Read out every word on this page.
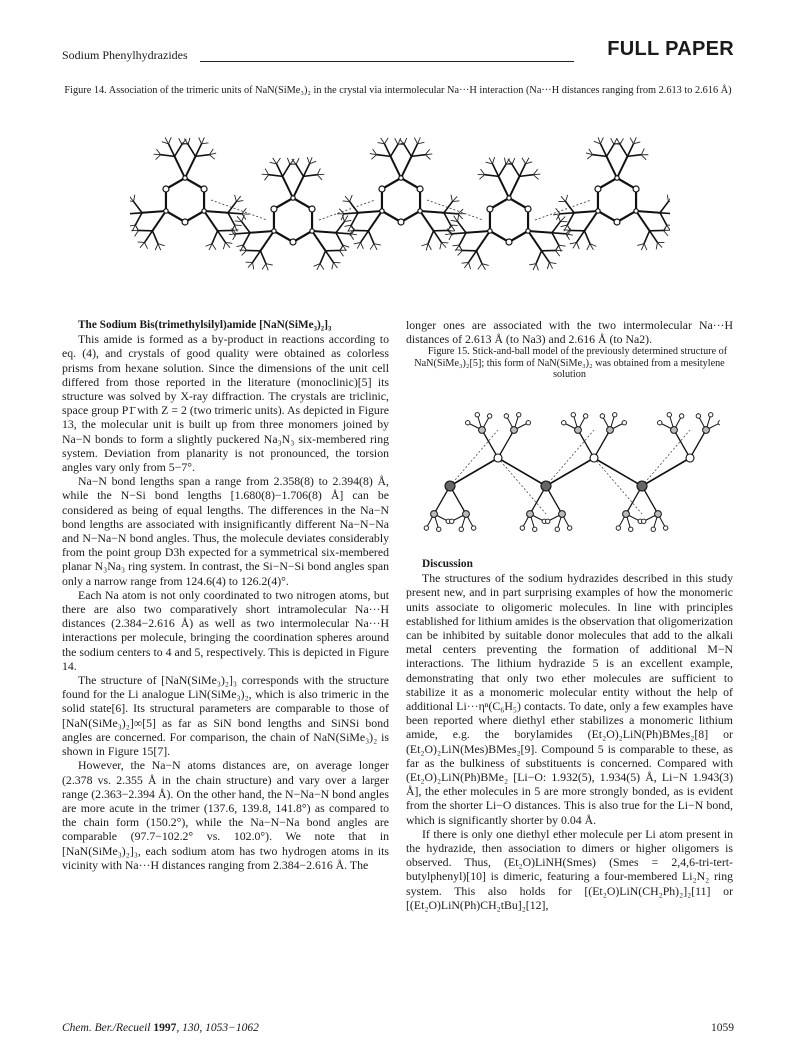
Sodium Phenylhydrazides	FULL PAPER
Figure 14. Association of the trimeric units of NaN(SiMe₃)₂ in the crystal via intermolecular Na···H interaction (Na···H distances ranging from 2.613 to 2.616 Å)

The Sodium Bis(trimethylsilyl)amide [NaN(SiMe₃)₂]₃

This amide is formed as a by-product in reactions according to eq. (4), and crystals of good quality were obtained as colorless prisms from hexane solution. Since the dimensions of the unit cell differed from those reported in the literature (monoclinic)[5] its structure was solved by X-ray diffraction. The crystals are triclinic, space group P1̄ with Z = 2 (two trimeric units). As depicted in Figure 13, the molecular unit is built up from three monomers joined by Na−N bonds to form a slightly puckered Na₃N₃ six-membered ring system. Deviation from planarity is not pronounced, the torsion angles vary only from 5−7°.

Na−N bond lengths span a range from 2.358(8) to 2.394(8) Å, while the N−Si bond lengths [1.680(8)−1.706(8) Å] can be considered as being of equal lengths. The differences in the Na−N bond lengths are associated with insignificantly different Na−N−Na and N−Na−N bond angles. Thus, the molecule deviates considerably from the point group D3h expected for a symmetrical six-membered planar N₃Na₃ ring system. In contrast, the Si−N−Si bond angles span only a narrow range from 124.6(4) to 126.2(4)°.

Each Na atom is not only coordinated to two nitrogen atoms, but there are also two comparatively short intramolecular Na···H distances (2.384−2.616 Å) as well as two intermolecular Na···H interactions per molecule, bringing the coordination spheres around the sodium centers to 4 and 5, respectively. This is depicted in Figure 14.

The structure of [NaN(SiMe₃)₂]₃ corresponds with the structure found for the Li analogue LiN(SiMe₃)₂, which is also trimeric in the solid state[6]. Its structural parameters are comparable to those of [NaN(SiMe₃)₂]∞[5] as far as SiN bond lengths and SiNSi bond angles are concerned. For comparison, the chain of NaN(SiMe₃)₂ is shown in Figure 15[7].

However, the Na−N atoms distances are, on average longer (2.378 vs. 2.355 Å in the chain structure) and vary over a larger range (2.363−2.394 Å). On the other hand, the N−Na−N bond angles are more acute in the trimer (137.6, 139.8, 141.8°) as compared to the chain form (150.2°), while the Na−N−Na bond angles are comparable (97.7−102.2° vs. 102.0°). We note that in [NaN(SiMe₃)₂]₃, each sodium atom has two hydrogen atoms in its vicinity with Na···H distances ranging from 2.384−2.616 Å. The

longer ones are associated with the two intermolecular Na···H distances of 2.613 Å (to Na3) and 2.616 Å (to Na2).

Figure 15. Stick-and-ball model of the previously determined structure of NaN(SiMe₃)₂[5]; this form of NaN(SiMe₃)₂ was obtained from a mesitylene solution

Discussion

The structures of the sodium hydrazides described in this study present new, and in part surprising examples of how the monomeric units associate to oligomeric molecules. In line with principles established for lithium amides is the observation that oligomerization can be inhibited by suitable donor molecules that add to the alkali metal centers preventing the formation of additional M−N interactions. The lithium hydrazide 5 is an excellent example, demonstrating that only two ether molecules are sufficient to stabilize it as a monomeric molecular entity without the help of additional Li···ηⁿ(C₆H₅) contacts. To date, only a few examples have been reported where diethyl ether stabilizes a monomeric lithium amide, e.g. the borylamides (Et₂O)₂LiN(Ph)BMes₂[8] or (Et₂O)₂LiN(Mes)BMes₂[9]. Compound 5 is comparable to these, as far as the bulkiness of substituents is concerned. Compared with (Et₂O)₂LiN(Ph)BMe₂ [Li−O: 1.932(5), 1.934(5) Å, Li−N 1.943(3) Å], the ether molecules in 5 are more strongly bonded, as is evident from the shorter Li−O distances. This is also true for the Li−N bond, which is significantly shorter by 0.04 Å.

If there is only one diethyl ether molecule per Li atom present in the hydrazide, then association to dimers or higher oligomers is observed. Thus, (Et₂O)LiNH(Smes) (Smes = 2,4,6-tri-tert-butylphenyl)[10] is dimeric, featuring a four-membered Li₂N₂ ring system. This also holds for [(Et₂O)LiN(CH₂Ph)₂]₂[11] or [(Et₂O)LiN(Ph)CH₂tBu]₂[12],

Chem. Ber./Recueil 1997, 130, 1053−1062	1059
